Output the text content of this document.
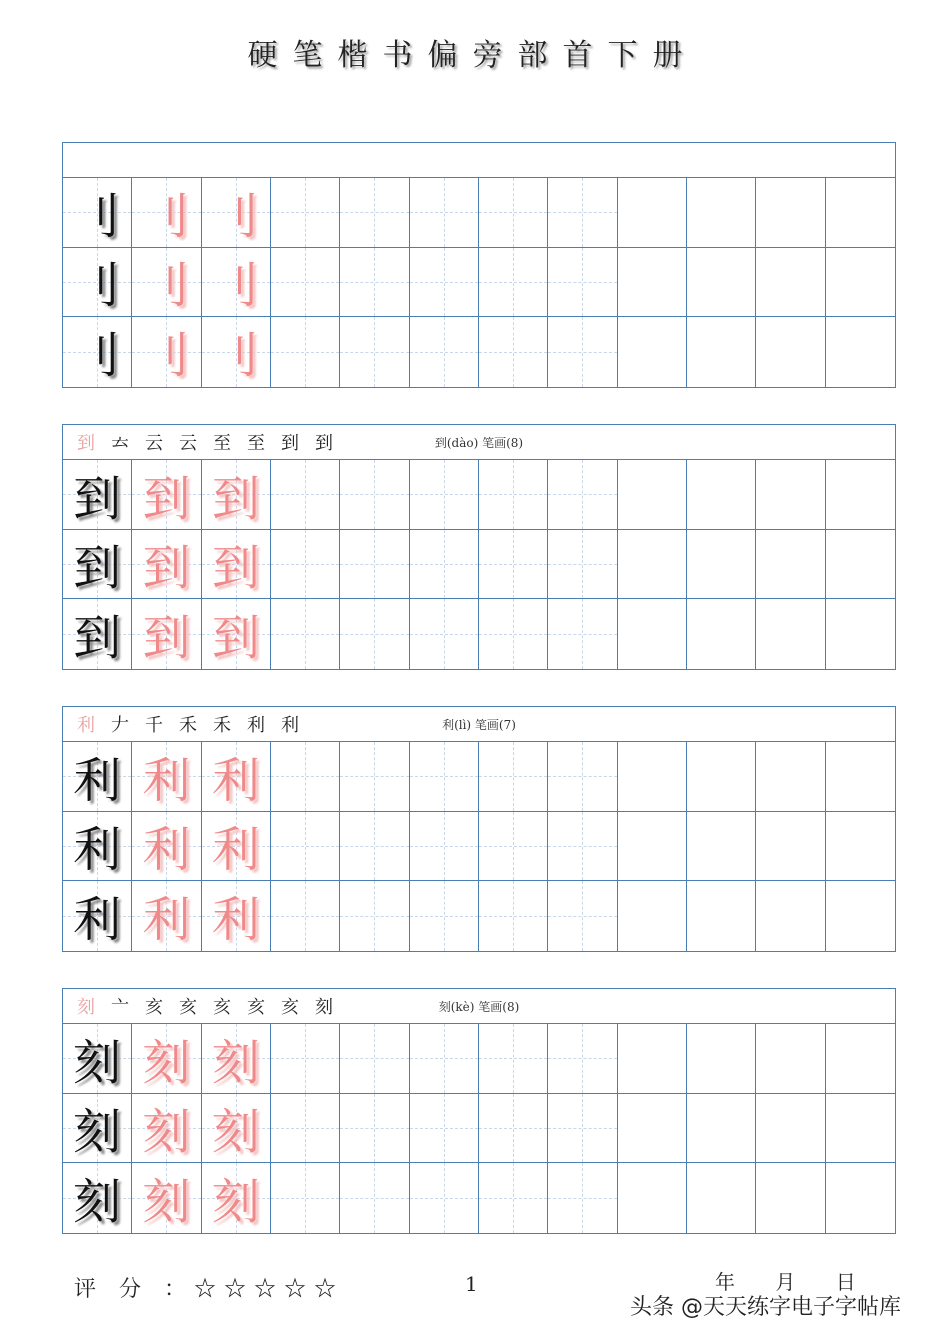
硬笔楷书偏旁部首下册
刂 刂 刂
刂 刂 刂
刂 刂 刂
到 𠫓 云 云 至 至 到 到	到(dào) 笔画(8)
到 到 到
到 到 到
到 到 到
利 𠂇 千 禾 禾 利 利	利(lì) 笔画(7)
利 利 利
利 利 利
利 利 利
刻 亠 亥 亥 亥 亥 亥 刻	刻(kè) 笔画(8)
刻 刻 刻
刻 刻 刻
刻 刻 刻
评 分 ：☆☆☆☆☆	1	年 月 日
头条 @天天练字电子字帖库
